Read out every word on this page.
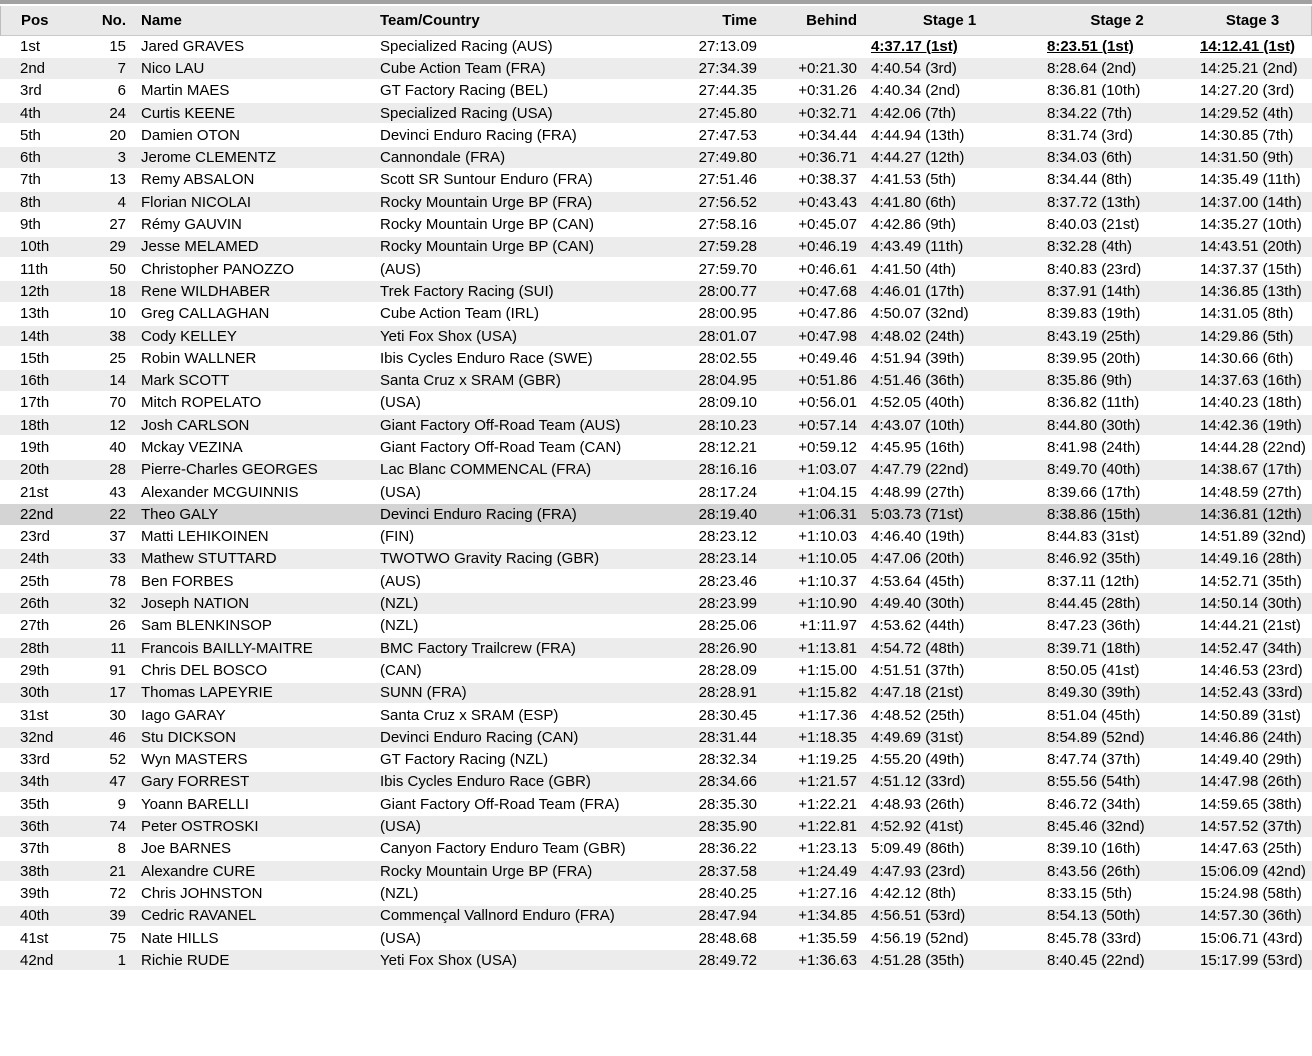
Pos	No.	Name	Team/Country	Time	Behind	Stage 1	Stage 2	Stage 3
1st	15	Jared GRAVES	Specialized Racing (AUS)	27:13.09		4:37.17 (1st)	8:23.51 (1st)	14:12.41 (1st)
2nd	7	Nico LAU	Cube Action Team (FRA)	27:34.39	+0:21.30	4:40.54 (3rd)	8:28.64 (2nd)	14:25.21 (2nd)
3rd	6	Martin MAES	GT Factory Racing (BEL)	27:44.35	+0:31.26	4:40.34 (2nd)	8:36.81 (10th)	14:27.20 (3rd)
4th	24	Curtis KEENE	Specialized Racing (USA)	27:45.80	+0:32.71	4:42.06 (7th)	8:34.22 (7th)	14:29.52 (4th)
5th	20	Damien OTON	Devinci Enduro Racing (FRA)	27:47.53	+0:34.44	4:44.94 (13th)	8:31.74 (3rd)	14:30.85 (7th)
6th	3	Jerome CLEMENTZ	Cannondale (FRA)	27:49.80	+0:36.71	4:44.27 (12th)	8:34.03 (6th)	14:31.50 (9th)
7th	13	Remy ABSALON	Scott SR Suntour Enduro (FRA)	27:51.46	+0:38.37	4:41.53 (5th)	8:34.44 (8th)	14:35.49 (11th)
8th	4	Florian NICOLAI	Rocky Mountain Urge BP (FRA)	27:56.52	+0:43.43	4:41.80 (6th)	8:37.72 (13th)	14:37.00 (14th)
9th	27	Rémy GAUVIN	Rocky Mountain Urge BP (CAN)	27:58.16	+0:45.07	4:42.86 (9th)	8:40.03 (21st)	14:35.27 (10th)
10th	29	Jesse MELAMED	Rocky Mountain Urge BP (CAN)	27:59.28	+0:46.19	4:43.49 (11th)	8:32.28 (4th)	14:43.51 (20th)
11th	50	Christopher PANOZZO	(AUS)	27:59.70	+0:46.61	4:41.50 (4th)	8:40.83 (23rd)	14:37.37 (15th)
12th	18	Rene WILDHABER	Trek Factory Racing (SUI)	28:00.77	+0:47.68	4:46.01 (17th)	8:37.91 (14th)	14:36.85 (13th)
13th	10	Greg CALLAGHAN	Cube Action Team (IRL)	28:00.95	+0:47.86	4:50.07 (32nd)	8:39.83 (19th)	14:31.05 (8th)
14th	38	Cody KELLEY	Yeti Fox Shox (USA)	28:01.07	+0:47.98	4:48.02 (24th)	8:43.19 (25th)	14:29.86 (5th)
15th	25	Robin WALLNER	Ibis Cycles Enduro Race (SWE)	28:02.55	+0:49.46	4:51.94 (39th)	8:39.95 (20th)	14:30.66 (6th)
16th	14	Mark SCOTT	Santa Cruz x SRAM (GBR)	28:04.95	+0:51.86	4:51.46 (36th)	8:35.86 (9th)	14:37.63 (16th)
17th	70	Mitch ROPELATO	(USA)	28:09.10	+0:56.01	4:52.05 (40th)	8:36.82 (11th)	14:40.23 (18th)
18th	12	Josh CARLSON	Giant Factory Off-Road Team (AUS)	28:10.23	+0:57.14	4:43.07 (10th)	8:44.80 (30th)	14:42.36 (19th)
19th	40	Mckay VEZINA	Giant Factory Off-Road Team (CAN)	28:12.21	+0:59.12	4:45.95 (16th)	8:41.98 (24th)	14:44.28 (22nd)
20th	28	Pierre-Charles GEORGES	Lac Blanc COMMENCAL (FRA)	28:16.16	+1:03.07	4:47.79 (22nd)	8:49.70 (40th)	14:38.67 (17th)
21st	43	Alexander MCGUINNIS	(USA)	28:17.24	+1:04.15	4:48.99 (27th)	8:39.66 (17th)	14:48.59 (27th)
22nd	22	Theo GALY	Devinci Enduro Racing (FRA)	28:19.40	+1:06.31	5:03.73 (71st)	8:38.86 (15th)	14:36.81 (12th)
23rd	37	Matti LEHIKOINEN	(FIN)	28:23.12	+1:10.03	4:46.40 (19th)	8:44.83 (31st)	14:51.89 (32nd)
24th	33	Mathew STUTTARD	TWOTWO Gravity Racing (GBR)	28:23.14	+1:10.05	4:47.06 (20th)	8:46.92 (35th)	14:49.16 (28th)
25th	78	Ben FORBES	(AUS)	28:23.46	+1:10.37	4:53.64 (45th)	8:37.11 (12th)	14:52.71 (35th)
26th	32	Joseph NATION	(NZL)	28:23.99	+1:10.90	4:49.40 (30th)	8:44.45 (28th)	14:50.14 (30th)
27th	26	Sam BLENKINSOP	(NZL)	28:25.06	+1:11.97	4:53.62 (44th)	8:47.23 (36th)	14:44.21 (21st)
28th	11	Francois BAILLY-MAITRE	BMC Factory Trailcrew (FRA)	28:26.90	+1:13.81	4:54.72 (48th)	8:39.71 (18th)	14:52.47 (34th)
29th	91	Chris DEL BOSCO	(CAN)	28:28.09	+1:15.00	4:51.51 (37th)	8:50.05 (41st)	14:46.53 (23rd)
30th	17	Thomas LAPEYRIE	SUNN (FRA)	28:28.91	+1:15.82	4:47.18 (21st)	8:49.30 (39th)	14:52.43 (33rd)
31st	30	Iago GARAY	Santa Cruz x SRAM (ESP)	28:30.45	+1:17.36	4:48.52 (25th)	8:51.04 (45th)	14:50.89 (31st)
32nd	46	Stu DICKSON	Devinci Enduro Racing (CAN)	28:31.44	+1:18.35	4:49.69 (31st)	8:54.89 (52nd)	14:46.86 (24th)
33rd	52	Wyn MASTERS	GT Factory Racing (NZL)	28:32.34	+1:19.25	4:55.20 (49th)	8:47.74 (37th)	14:49.40 (29th)
34th	47	Gary FORREST	Ibis Cycles Enduro Race (GBR)	28:34.66	+1:21.57	4:51.12 (33rd)	8:55.56 (54th)	14:47.98 (26th)
35th	9	Yoann BARELLI	Giant Factory Off-Road Team (FRA)	28:35.30	+1:22.21	4:48.93 (26th)	8:46.72 (34th)	14:59.65 (38th)
36th	74	Peter OSTROSKI	(USA)	28:35.90	+1:22.81	4:52.92 (41st)	8:45.46 (32nd)	14:57.52 (37th)
37th	8	Joe BARNES	Canyon Factory Enduro Team (GBR)	28:36.22	+1:23.13	5:09.49 (86th)	8:39.10 (16th)	14:47.63 (25th)
38th	21	Alexandre CURE	Rocky Mountain Urge BP (FRA)	28:37.58	+1:24.49	4:47.93 (23rd)	8:43.56 (26th)	15:06.09 (42nd)
39th	72	Chris JOHNSTON	(NZL)	28:40.25	+1:27.16	4:42.12 (8th)	8:33.15 (5th)	15:24.98 (58th)
40th	39	Cedric RAVANEL	Commençal Vallnord Enduro (FRA)	28:47.94	+1:34.85	4:56.51 (53rd)	8:54.13 (50th)	14:57.30 (36th)
41st	75	Nate HILLS	(USA)	28:48.68	+1:35.59	4:56.19 (52nd)	8:45.78 (33rd)	15:06.71 (43rd)
42nd	1	Richie RUDE	Yeti Fox Shox (USA)	28:49.72	+1:36.63	4:51.28 (35th)	8:40.45 (22nd)	15:17.99 (53rd)
